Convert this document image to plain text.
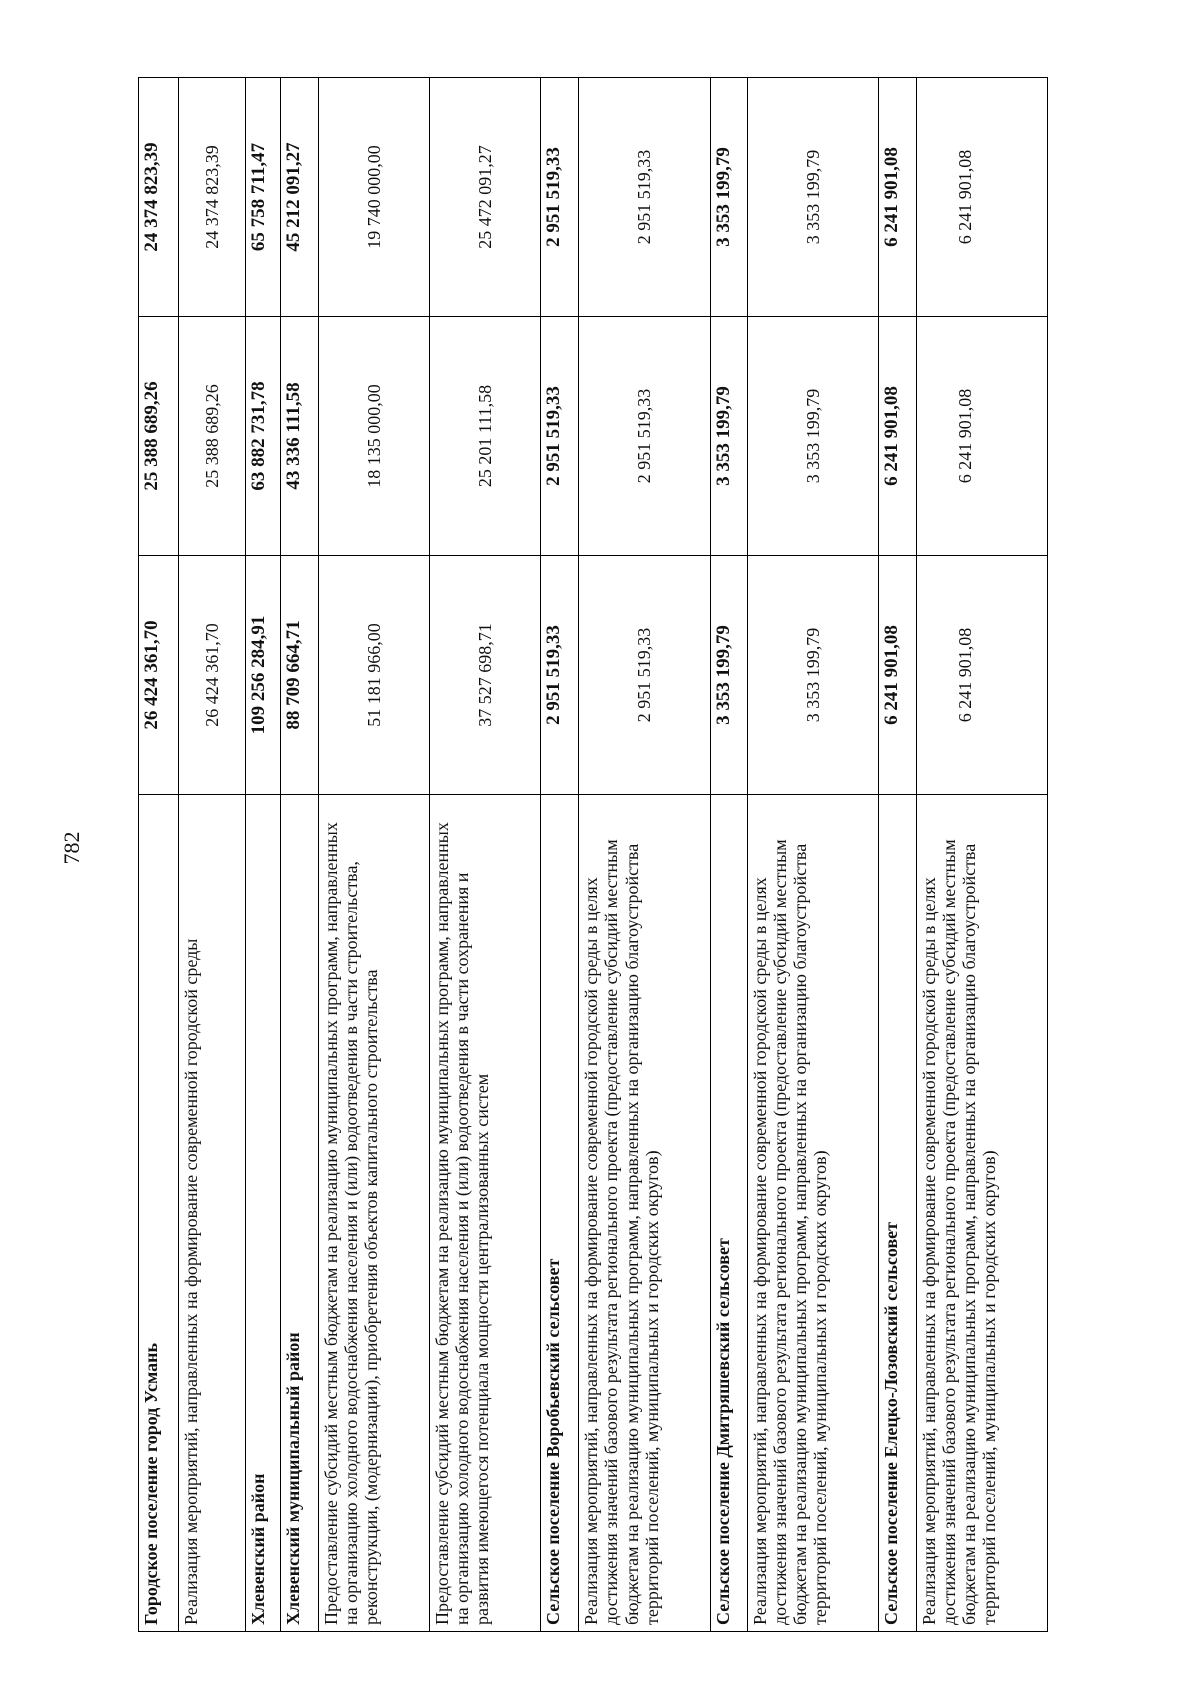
782
Городское поселение город Усмань	26 424 361,70	25 388 689,26	24 374 823,39
Реализация мероприятий, направленных на формирование современной городской среды	26 424 361,70	25 388 689,26	24 374 823,39
Хлевенский район	109 256 284,91	63 882 731,78	65 758 711,47
Хлевенский муниципальный район	88 709 664,71	43 336 111,58	45 212 091,27
Предоставление субсидий местным бюджетам на реализацию муниципальных программ, направленных на организацию холодного водоснабжения населения и (или) водоотведения в части строительства, реконструкции, (модернизации), приобретения объектов капитального строительства	51 181 966,00	18 135 000,00	19 740 000,00
Предоставление субсидий местным бюджетам на реализацию муниципальных программ, направленных на организацию холодного водоснабжения населения и (или) водоотведения в части сохранения и развития имеющегося потенциала мощности централизованных систем	37 527 698,71	25 201 111,58	25 472 091,27
Сельское поселение Воробьевский сельсовет	2 951 519,33	2 951 519,33	2 951 519,33
Реализация мероприятий, направленных на формирование современной городской среды в целях достижения значений базового результата регионального проекта (предоставление субсидий местным бюджетам на реализацию муниципальных программ, направленных на организацию благоустройства территорий поселений, муниципальных и городских округов)	2 951 519,33	2 951 519,33	2 951 519,33
Сельское поселение Дмитряшевский сельсовет	3 353 199,79	3 353 199,79	3 353 199,79
Реализация мероприятий, направленных на формирование современной городской среды в целях достижения значений базового результата регионального проекта (предоставление субсидий местным бюджетам на реализацию муниципальных программ, направленных на организацию благоустройства территорий поселений, муниципальных и городских округов)	3 353 199,79	3 353 199,79	3 353 199,79
Сельское поселение Елецко-Лозовский сельсовет	6 241 901,08	6 241 901,08	6 241 901,08
Реализация мероприятий, направленных на формирование современной городской среды в целях достижения значений базового результата регионального проекта (предоставление субсидий местным бюджетам на реализацию муниципальных программ, направленных на организацию благоустройства территорий поселений, муниципальных и городских округов)	6 241 901,08	6 241 901,08	6 241 901,08
